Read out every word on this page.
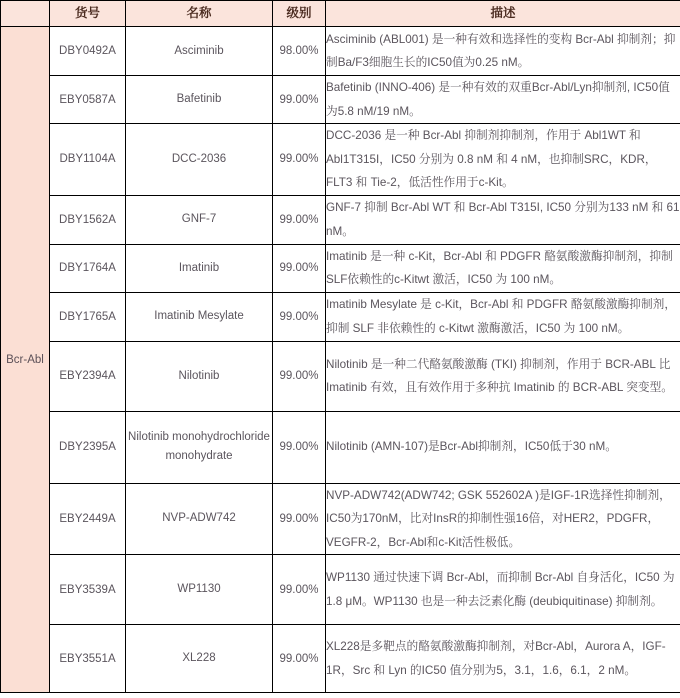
	货号	名称	级别	描述
Bcr-Abl	DBY0492A	Asciminib	98.00%	Asciminib (ABL001) 是一种有效和选择性的变构 Bcr-Abl 抑制剂；抑制Ba/F3细胞生长的IC50值为0.25 nM。
	EBY0587A	Bafetinib	99.00%	Bafetinib (INNO-406) 是一种有效的双重Bcr-Abl/Lyn抑制剂, IC50值为5.8 nM/19 nM。
	DBY1104A	DCC-2036	99.00%	DCC-2036 是一种 Bcr-Abl 抑制剂抑制剂，作用于 Abl1WT 和 Abl1T315I，IC50 分别为 0.8 nM 和 4 nM，也抑制SRC，KDR，FLT3 和 Tie-2，低活性作用于c-Kit。
	DBY1562A	GNF-7	99.00%	GNF-7 抑制 Bcr-Abl WT 和 Bcr-Abl T315I, IC50 分别为133 nM 和 61 nM。
	DBY1764A	Imatinib	99.00%	Imatinib 是一种 c-Kit，Bcr-Abl 和 PDGFR 酪氨酸激酶抑制剂，抑制SLF依赖性的c-Kitwt 激活，IC50 为 100 nM。
	DBY1765A	Imatinib Mesylate	99.00%	Imatinib Mesylate 是 c-Kit，Bcr-Abl 和 PDGFR 酪氨酸激酶抑制剂，抑制 SLF 非依赖性的 c-Kitwt 激酶激活，IC50 为 100 nM。
	EBY2394A	Nilotinib	99.00%	Nilotinib 是一种二代酪氨酸激酶 (TKI) 抑制剂，作用于 BCR-ABL 比 Imatinib 有效，且有效作用于多种抗 Imatinib 的 BCR-ABL 突变型。
	DBY2395A	Nilotinib monohydrochloride monohydrate	99.00%	Nilotinib (AMN-107)是Bcr-Abl抑制剂，IC50低于30 nM。
	EBY2449A	NVP-ADW742	99.00%	NVP-ADW742(ADW742; GSK 552602A )是IGF-1R选择性抑制剂，IC50为170nM，比对InsR的抑制性强16倍，对HER2，PDGFR，VEGFR-2，Bcr-Abl和c-Kit活性极低。
	EBY3539A	WP1130	99.00%	WP1130 通过快速下调 Bcr-Abl，而抑制 Bcr-Abl 自身活化，IC50 为 1.8 μM。WP1130 也是一种去泛素化酶 (deubiquitinase) 抑制剂。
	EBY3551A	XL228	99.00%	XL228是多靶点的酪氨酸激酶抑制剂，对Bcr-Abl，Aurora A，IGF-1R，Src 和 Lyn 的IC50 值分别为5，3.1，1.6，6.1，2 nM。
